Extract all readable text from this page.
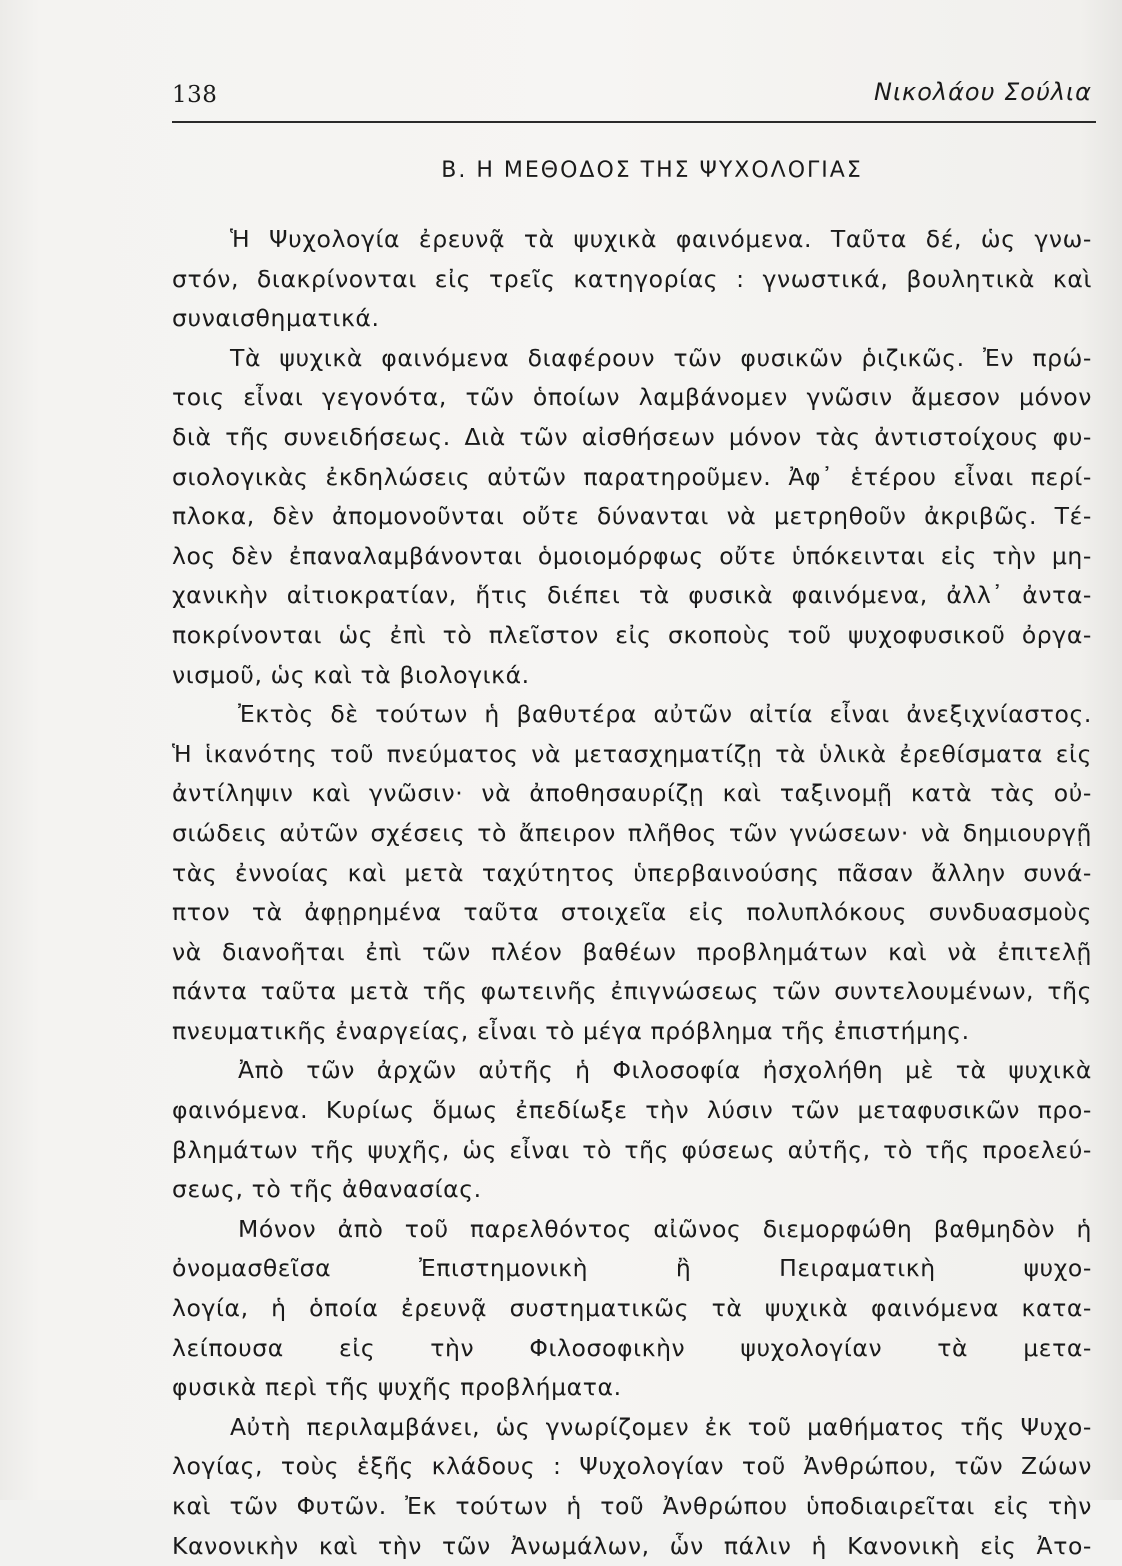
138	Νικολάου Σούλια
Β. Η ΜΕΘΟΔΟΣ ΤΗΣ ΨΥΧΟΛΟΓΙΑΣ
Ἡ Ψυχολογία ἐρευνᾷ τὰ ψυχικὰ φαινόμενα. Ταῦτα δέ, ὡς γνω-
στόν, διακρίνονται εἰς τρεῖς κατηγορίας : γνωστικά, βουλητικὰ καὶ
συναισθηματικά.
Τὰ ψυχικὰ φαινόμενα διαφέρουν τῶν φυσικῶν ῥιζικῶς. Ἐν πρώ-
τοις εἶναι γεγονότα, τῶν ὁποίων λαμβάνομεν γνῶσιν ἄμεσον μόνον
διὰ τῆς συνειδήσεως. Διὰ τῶν αἰσθήσεων μόνον τὰς ἀντιστοίχους φυ-
σιολογικὰς ἐκδηλώσεις αὐτῶν παρατηροῦμεν. Ἀφ᾿ ἑτέρου εἶναι περί-
πλοκα, δὲν ἀπομονοῦνται οὔτε δύνανται νὰ μετρηθοῦν ἀκριβῶς. Τέ-
λος δὲν ἐπαναλαμβάνονται ὁμοιομόρφως οὔτε ὑπόκεινται εἰς τὴν μη-
χανικὴν αἰτιοκρατίαν, ἥτις διέπει τὰ φυσικὰ φαινόμενα, ἀλλ᾿ ἀντα-
ποκρίνονται ὡς ἐπὶ τὸ πλεῖστον εἰς σκοποὺς τοῦ ψυχοφυσικοῦ ὀργα-
νισμοῦ, ὡς καὶ τὰ βιολογικά.
Ἐκτὸς δὲ τούτων ἡ βαθυτέρα αὐτῶν αἰτία εἶναι ἀνεξιχνίαστος.
Ἡ ἱκανότης τοῦ πνεύματος νὰ μετασχηματίζῃ τὰ ὑλικὰ ἐρεθίσματα εἰς
ἀντίληψιν καὶ γνῶσιν· νὰ ἀποθησαυρίζῃ καὶ ταξινομῇ κατὰ τὰς οὐ-
σιώδεις αὐτῶν σχέσεις τὸ ἄπειρον πλῆθος τῶν γνώσεων· νὰ δημιουργῇ
τὰς ἐννοίας καὶ μετὰ ταχύτητος ὑπερβαινούσης πᾶσαν ἄλλην συνά-
πτον τὰ ἀφῃρημένα ταῦτα στοιχεῖα εἰς πολυπλόκους συνδυασμοὺς
νὰ διανοῆται ἐπὶ τῶν πλέον βαθέων προβλημάτων καὶ νὰ ἐπιτελῇ
πάντα ταῦτα μετὰ τῆς φωτεινῆς ἐπιγνώσεως τῶν συντελουμένων, τῆς
πνευματικῆς ἐναργείας, εἶναι τὸ μέγα πρόβλημα τῆς ἐπιστήμης.
Ἀπὸ τῶν ἀρχῶν αὐτῆς ἡ Φιλοσοφία ἠσχολήθη μὲ τὰ ψυχικὰ
φαινόμενα. Κυρίως ὅμως ἐπεδίωξε τὴν λύσιν τῶν μεταφυσικῶν προ-
βλημάτων τῆς ψυχῆς, ὡς εἶναι τὸ τῆς φύσεως αὐτῆς, τὸ τῆς προελεύ-
σεως, τὸ τῆς ἀθανασίας.
Μόνον ἀπὸ τοῦ παρελθόντος αἰῶνος διεμορφώθη βαθμηδὸν ἡ
ὀνομασθεῖσα Ἐπιστημονικὴ ἢ Πειραματικὴ ψυχο-
λογία, ἡ ὁποία ἐρευνᾷ συστηματικῶς τὰ ψυχικὰ φαινόμενα κατα-
λείπουσα εἰς τὴν Φιλοσοφικὴν ψυχολογίαν τὰ μετα-
φυσικὰ περὶ τῆς ψυχῆς προβλήματα.
Αὐτὴ περιλαμβάνει, ὡς γνωρίζομεν ἐκ τοῦ μαθήματος τῆς Ψυχο-
λογίας, τοὺς ἑξῆς κλάδους : Ψυχολογίαν τοῦ Ἀνθρώπου, τῶν Ζώων
καὶ τῶν Φυτῶν. Ἐκ τούτων ἡ τοῦ Ἀνθρώπου ὑποδιαιρεῖται εἰς τὴν
Κανονικὴν καὶ τὴν τῶν Ἀνωμάλων, ὧν πάλιν ἡ Κανονικὴ εἰς Ἀτο-
